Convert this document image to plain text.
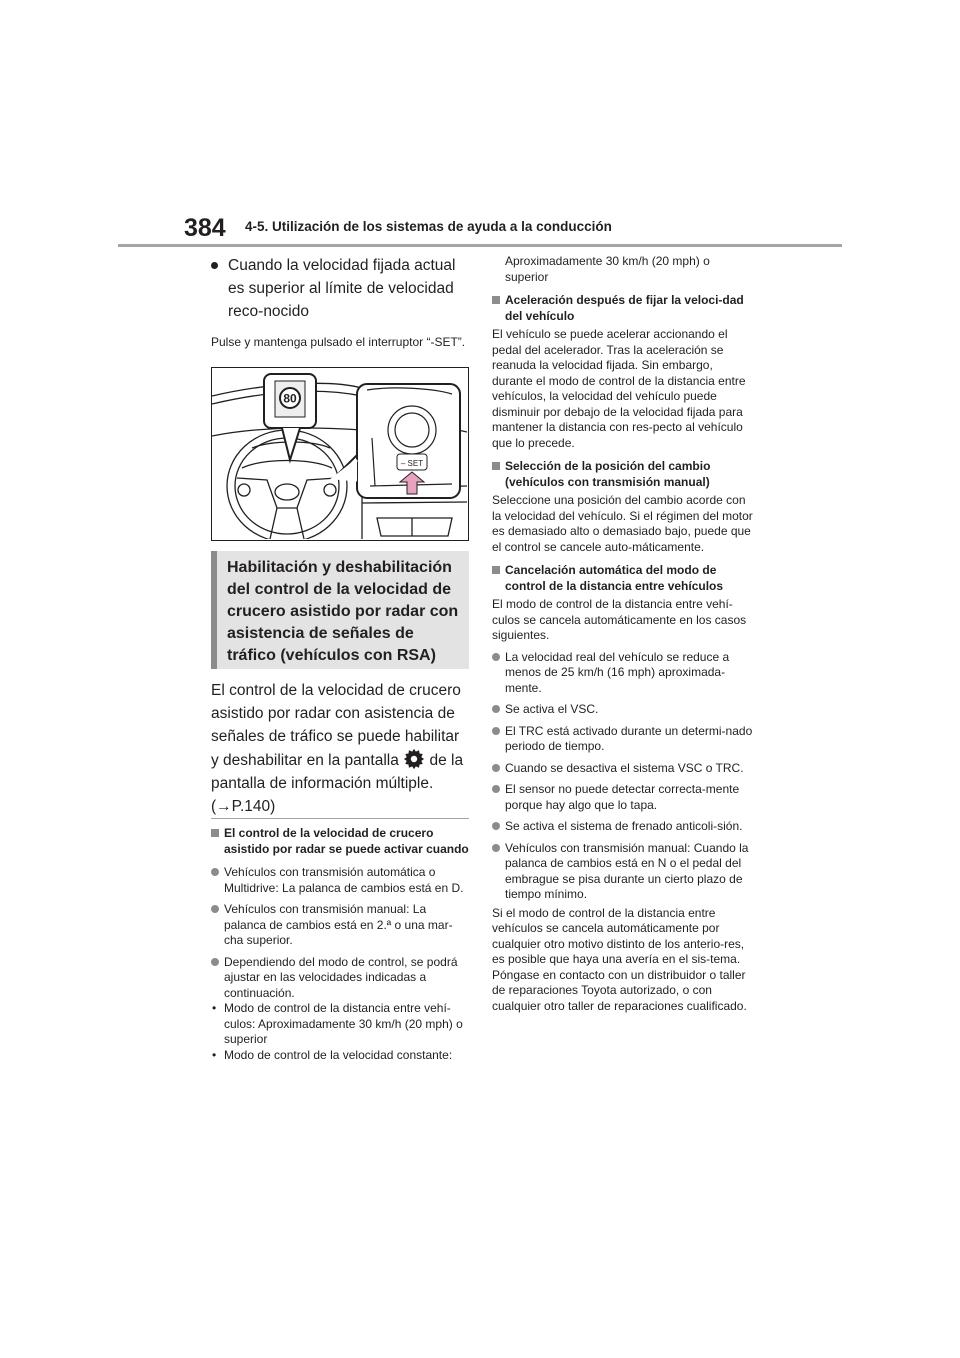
384 4-5. Utilización de los sistemas de ayuda a la conducción
Cuando la velocidad fijada actual es superior al límite de velocidad reco-nocido
Pulse y mantenga pulsado el interruptor “-SET”.
80
– SET
Habilitación y deshabilitación del control de la velocidad de crucero asistido por radar con asistencia de señales de tráfico (vehículos con RSA)
El control de la velocidad de crucero asistido por radar con asistencia de señales de tráfico se puede habilitar y deshabilitar en la pantalla de la pantalla de información múltiple.
(→P.140)
El control de la velocidad de crucero asistido por radar se puede activar cuando
Vehículos con transmisión automática o Multidrive: La palanca de cambios está en D.
Vehículos con transmisión manual: La palanca de cambios está en 2.ª o una mar-cha superior.
Dependiendo del modo de control, se podrá ajustar en las velocidades indicadas a continuación.
• Modo de control de la distancia entre vehí-culos: Aproximadamente 30 km/h (20 mph) o superior
• Modo de control de la velocidad constante:
Aproximadamente 30 km/h (20 mph) o superior
Aceleración después de fijar la veloci-dad del vehículo
El vehículo se puede acelerar accionando el pedal del acelerador. Tras la aceleración se reanuda la velocidad fijada. Sin embargo, durante el modo de control de la distancia entre vehículos, la velocidad del vehículo puede disminuir por debajo de la velocidad fijada para mantener la distancia con res-pecto al vehículo que lo precede.
Selección de la posición del cambio (vehículos con transmisión manual)
Seleccione una posición del cambio acorde con la velocidad del vehículo. Si el régimen del motor es demasiado alto o demasiado bajo, puede que el control se cancele auto-máticamente.
Cancelación automática del modo de control de la distancia entre vehículos
El modo de control de la distancia entre vehí-culos se cancela automáticamente en los casos siguientes.
La velocidad real del vehículo se reduce a menos de 25 km/h (16 mph) aproximada-mente.
Se activa el VSC.
El TRC está activado durante un determi-nado periodo de tiempo.
Cuando se desactiva el sistema VSC o TRC.
El sensor no puede detectar correcta-mente porque hay algo que lo tapa.
Se activa el sistema de frenado anticoli-sión.
Vehículos con transmisión manual: Cuando la palanca de cambios está en N o el pedal del embrague se pisa durante un cierto plazo de tiempo mínimo.
Si el modo de control de la distancia entre vehículos se cancela automáticamente por cualquier otro motivo distinto de los anterio-res, es posible que haya una avería en el sis-tema. Póngase en contacto con un distribuidor o taller de reparaciones Toyota autorizado, o con cualquier otro taller de reparaciones cualificado.
